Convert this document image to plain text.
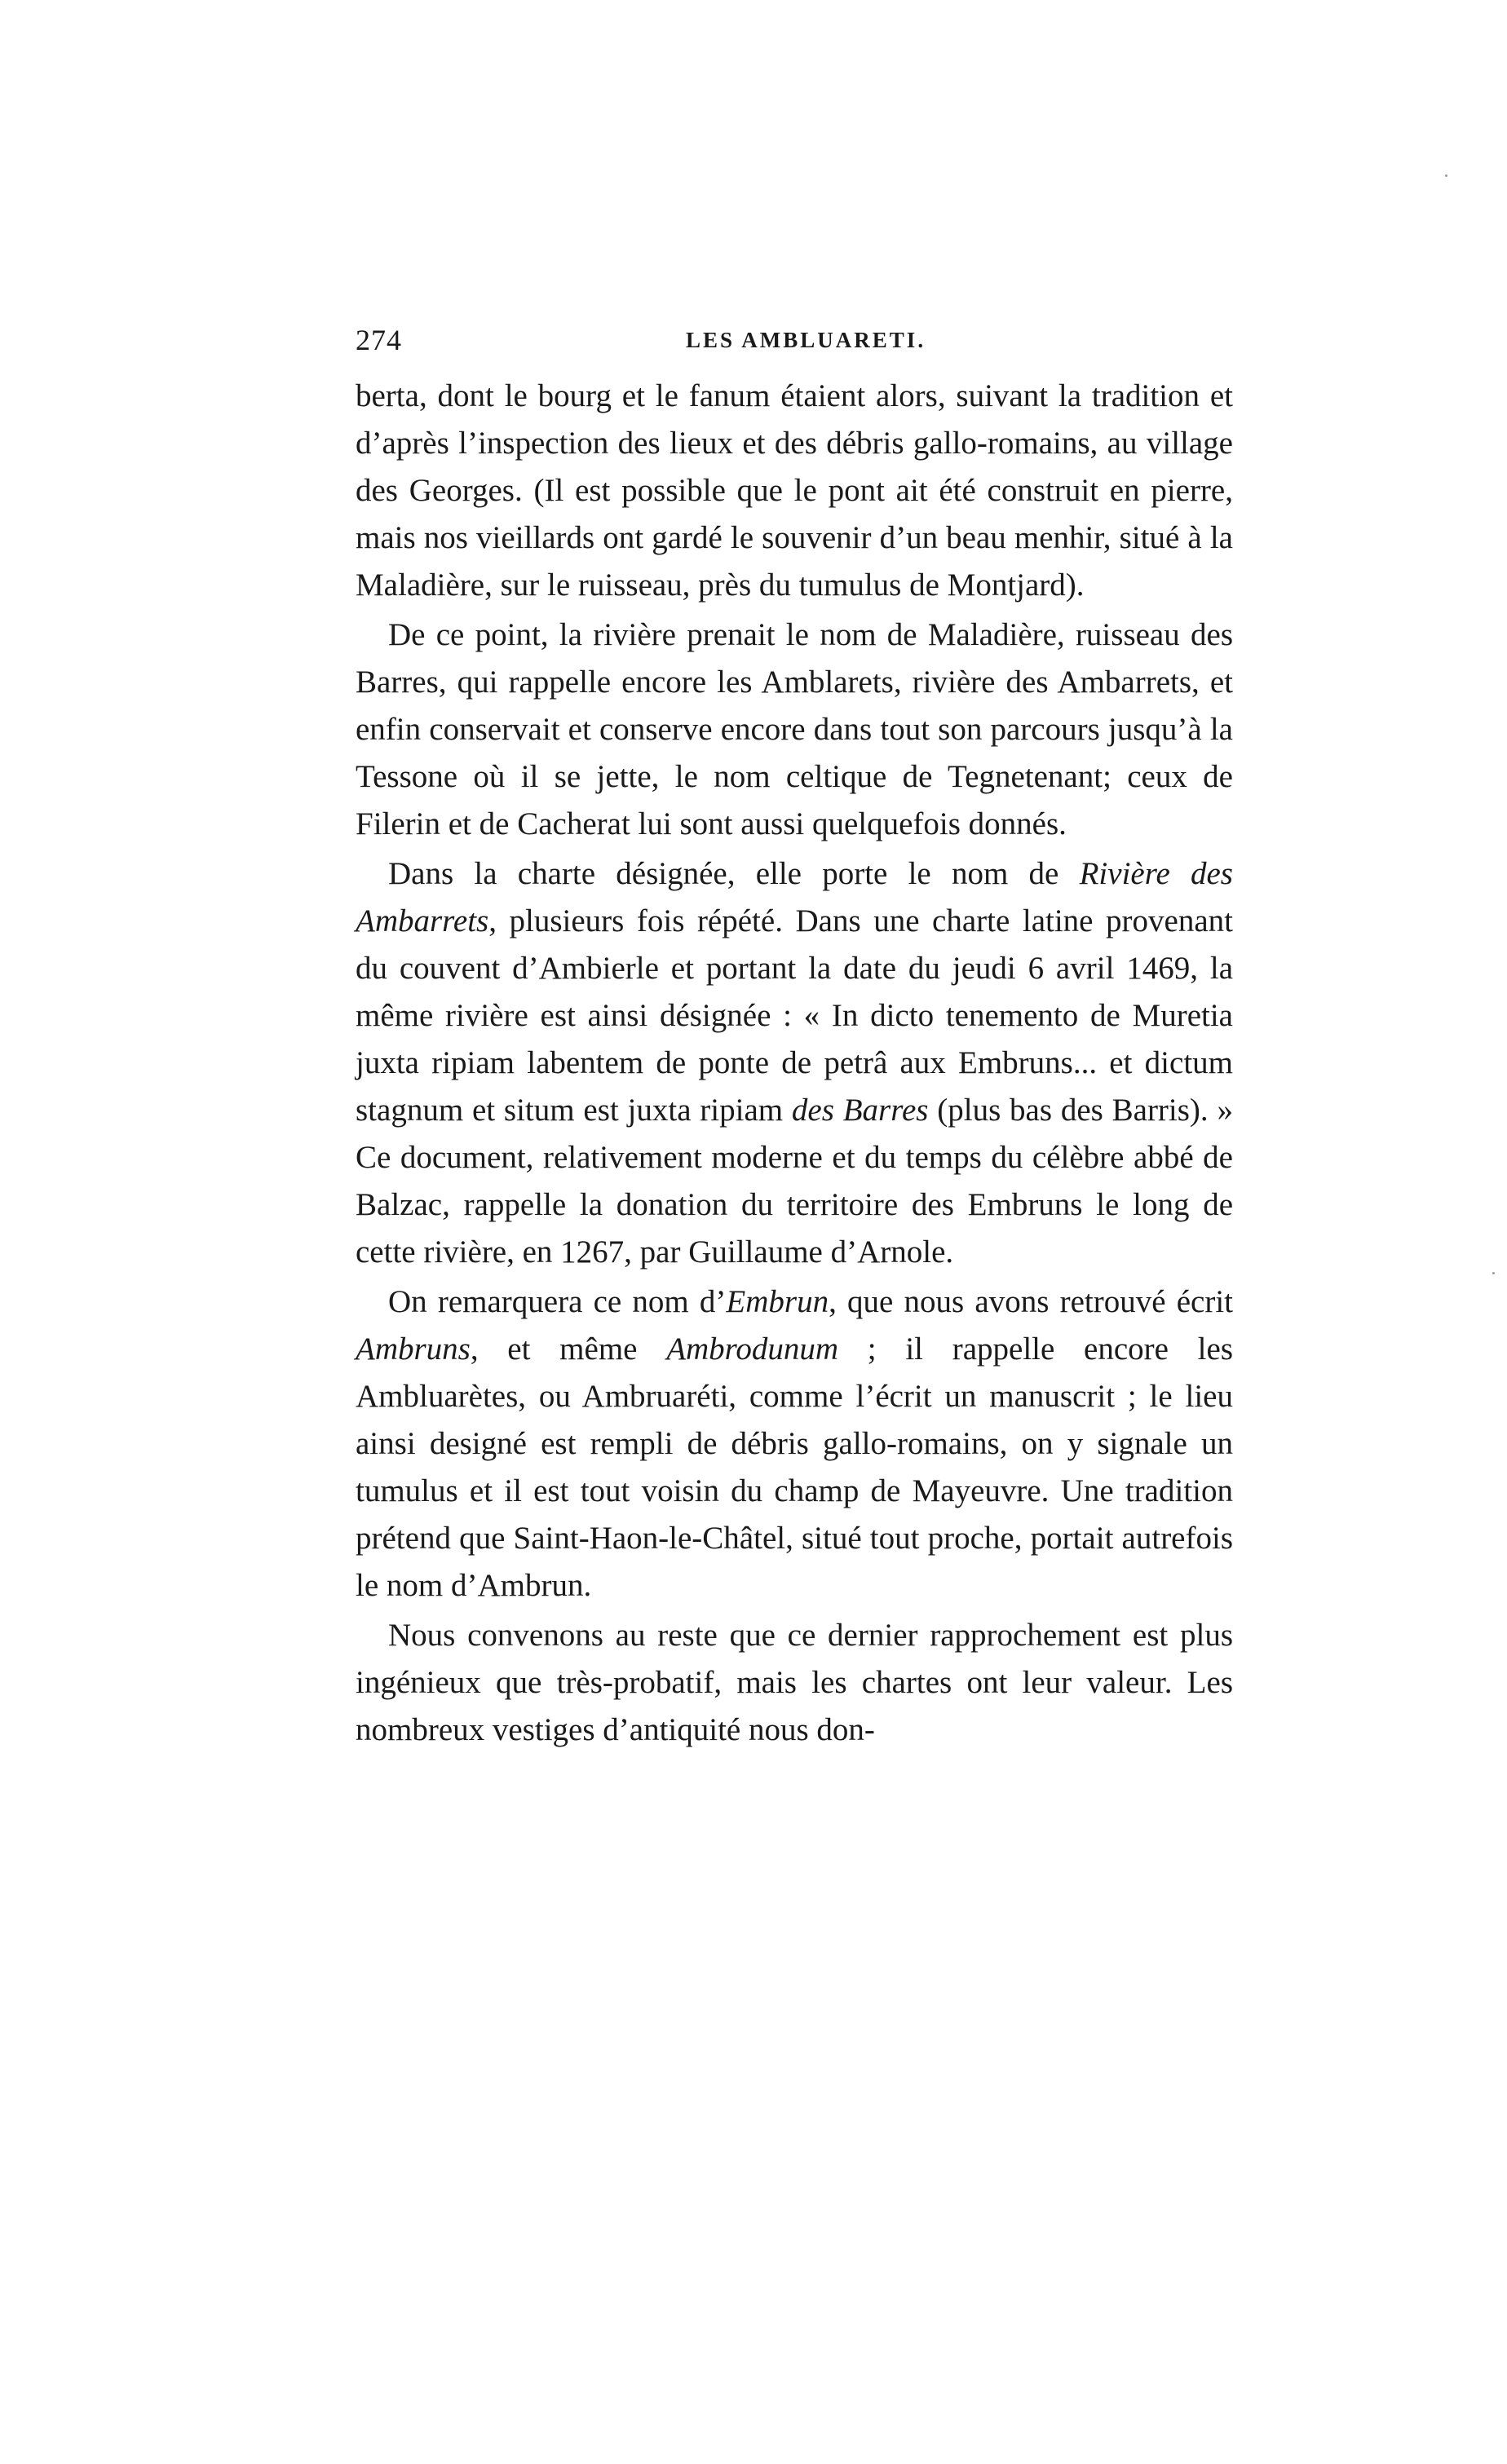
274	LES AMBLUARETI.

berta, dont le bourg et le fanum étaient alors, suivant la tradition et d’après l’inspection des lieux et des débris gallo-romains, au village des Georges. (Il est possible que le pont ait été construit en pierre, mais nos vieillards ont gardé le souvenir d’un beau menhir, situé à la Maladière, sur le ruisseau, près du tumulus de Montjard).

De ce point, la rivière prenait le nom de Maladière, ruisseau des Barres, qui rappelle encore les Amblarets, rivière des Ambarrets, et enfin conservait et conserve encore dans tout son parcours jusqu’à la Tessone où il se jette, le nom celtique de Tegnetenant; ceux de Filerin et de Cacherat lui sont aussi quelquefois donnés.

Dans la charte désignée, elle porte le nom de Rivière des Ambarrets, plusieurs fois répété. Dans une charte latine provenant du couvent d’Ambierle et portant la date du jeudi 6 avril 1469, la même rivière est ainsi désignée : « In dicto tenemento de Muretia juxta ripiam labentem de ponte de petrâ aux Embruns... et dictum stagnum et situm est juxta ripiam des Barres (plus bas des Barris). » Ce document, relativement moderne et du temps du célèbre abbé de Balzac, rappelle la donation du territoire des Embruns le long de cette rivière, en 1267, par Guillaume d’Arnole.

On remarquera ce nom d’Embrun, que nous avons retrouvé écrit Ambruns, et même Ambrodunum ; il rappelle encore les Ambluarètes, ou Ambruaréti, comme l’écrit un manuscrit ; le lieu ainsi designé est rempli de débris gallo-romains, on y signale un tumulus et il est tout voisin du champ de Mayeuvre. Une tradition prétend que Saint-Haon-le-Châtel, situé tout proche, portait autrefois le nom d’Ambrun.

Nous convenons au reste que ce dernier rapprochement est plus ingénieux que très-probatif, mais les chartes ont leur valeur. Les nombreux vestiges d’antiquité nous don-
